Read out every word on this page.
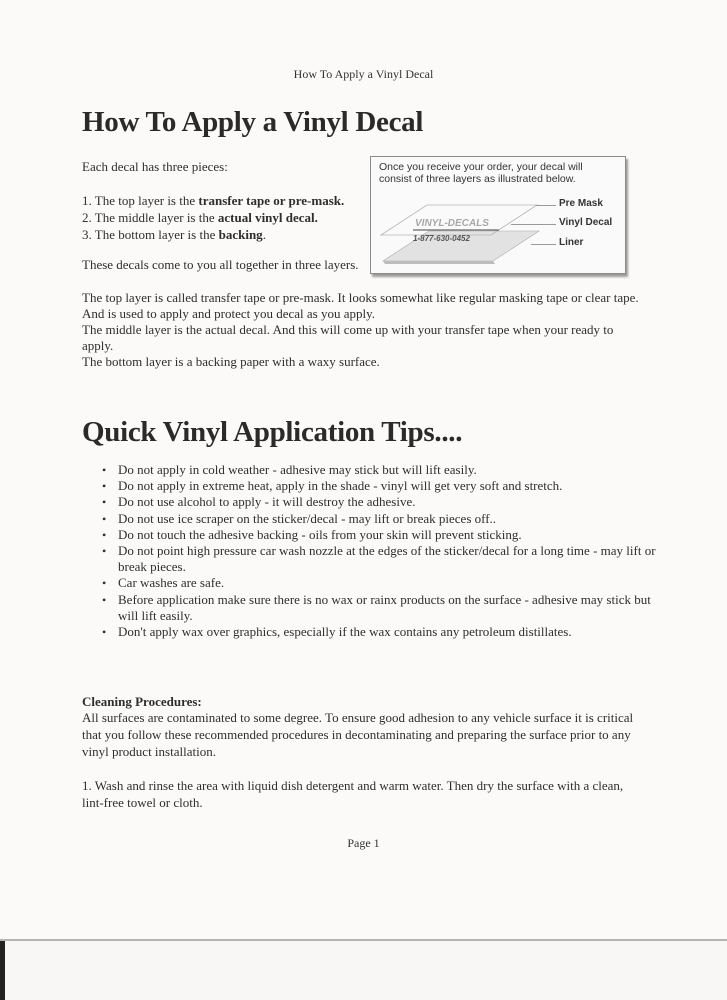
How To Apply a Vinyl Decal
How To Apply a Vinyl Decal
Each decal has three pieces:
1. The top layer is the transfer tape or pre-mask.
2. The middle layer is the actual vinyl decal.
3. The bottom layer is the backing.
These decals come to you all together in three layers.
Once you receive your order, your decal will
consist of three layers as illustrated below.
VINYL-DECALS
1-877-630-0452
Pre Mask
Vinyl Decal
Liner
The top layer is called transfer tape or pre-mask. It looks somewhat like regular masking tape or clear tape.
And is used to apply and protect you decal as you apply.
The middle layer is the actual decal. And this will come up with your transfer tape when your ready to
apply.
The bottom layer is a backing paper with a waxy surface.
Quick Vinyl Application Tips....
• Do not apply in cold weather - adhesive may stick but will lift easily.
• Do not apply in extreme heat, apply in the shade - vinyl will get very soft and stretch.
• Do not use alcohol to apply - it will destroy the adhesive.
• Do not use ice scraper on the sticker/decal - may lift or break pieces off..
• Do not touch the adhesive backing - oils from your skin will prevent sticking.
• Do not point high pressure car wash nozzle at the edges of the sticker/decal for a long time - may lift or break pieces.
• Car washes are safe.
• Before application make sure there is no wax or rainx products on the surface - adhesive may stick but will lift easily.
• Don't apply wax over graphics, especially if the wax contains any petroleum distillates.
Cleaning Procedures:
All surfaces are contaminated to some degree. To ensure good adhesion to any vehicle surface it is critical
that you follow these recommended procedures in decontaminating and preparing the surface prior to any
vinyl product installation.
1. Wash and rinse the area with liquid dish detergent and warm water. Then dry the surface with a clean,
lint-free towel or cloth.
Page 1
